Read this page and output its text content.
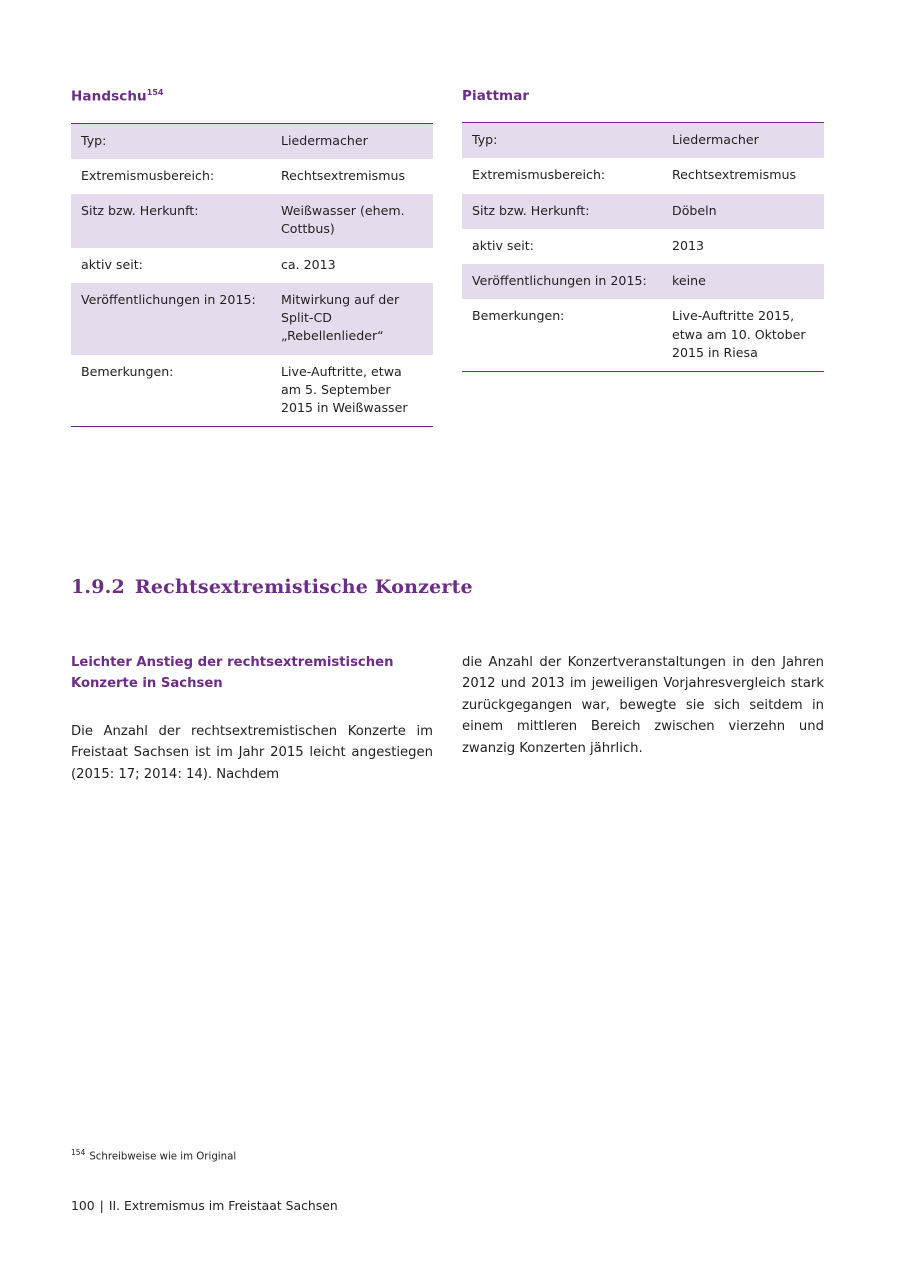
Handschu$^{154}$
Typ:	Liedermacher
Extremismusbereich:	Rechtsextremismus
Sitz bzw. Herkunft:	Weißwasser (ehem. Cottbus)
aktiv seit:	ca. 2013
Veröffentlichungen in 2015:	Mitwirkung auf der Split-CD „Rebellenlieder“
Bemerkungen:	Live-Auftritte, etwa am 5. September 2015 in Weißwasser
Piattmar
Typ:	Liedermacher
Extremismusbereich:	Rechtsextremismus
Sitz bzw. Herkunft:	Döbeln
aktiv seit:	2013
Veröffentlichungen in 2015:	keine
Bemerkungen:	Live-Auftritte 2015, etwa am 10. Oktober 2015 in Riesa
1.9.2 Rechtsextremistische Konzerte
Leichter Anstieg der rechtsextremistischen Konzerte in Sachsen

Die Anzahl der rechtsextremistischen Konzerte im Freistaat Sachsen ist im Jahr 2015 leicht angestiegen (2015: 17; 2014: 14). Nachdem

die Anzahl der Konzertveranstaltungen in den Jahren 2012 und 2013 im jeweiligen Vorjahresvergleich stark zurückgegangen war, bewegte sie sich seitdem in einem mittleren Bereich zwischen vierzehn und zwanzig Konzerten jährlich.

$^{154}$ Schreibweise wie im Original
100 | II. Extremismus im Freistaat Sachsen
